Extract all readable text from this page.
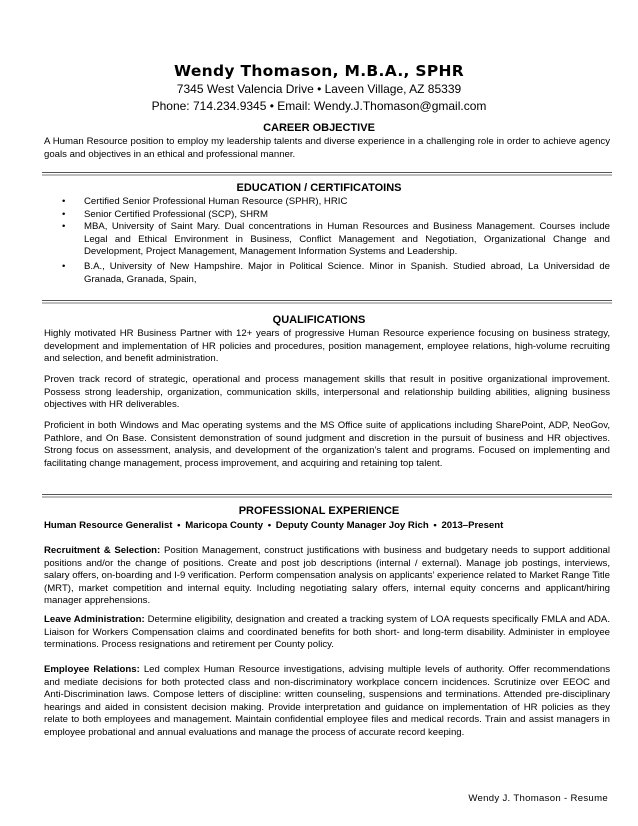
Wendy Thomason, M.B.A., SPHR
7345 West Valencia Drive • Laveen Village, AZ 85339
Phone: 714.234.9345 • Email: Wendy.J.Thomason@gmail.com
CAREER OBJECTIVE
A Human Resource position to employ my leadership talents and diverse experience in a challenging role in order to achieve agency goals and objectives in an ethical and professional manner.
EDUCATION / CERTIFICATOINS
• Certified Senior Professional Human Resource (SPHR), HRIC
• Senior Certified Professional (SCP), SHRM
• MBA, University of Saint Mary. Dual concentrations in Human Resources and Business Management. Courses include Legal and Ethical Environment in Business, Conflict Management and Negotiation, Organizational Change and Development, Project Management, Management Information Systems and Leadership.
• B.A., University of New Hampshire. Major in Political Science. Minor in Spanish. Studied abroad, La Universidad de Granada, Granada, Spain,
QUALIFICATIONS
Highly motivated HR Business Partner with 12+ years of progressive Human Resource experience focusing on business strategy, development and implementation of HR policies and procedures, position management, employee relations, high-volume recruiting and selection, and benefit administration.
Proven track record of strategic, operational and process management skills that result in positive organizational improvement. Possess strong leadership, organization, communication skills, interpersonal and relationship building abilities, aligning business objectives with HR deliverables.
Proficient in both Windows and Mac operating systems and the MS Office suite of applications including SharePoint, ADP, NeoGov, Pathlore, and On Base. Consistent demonstration of sound judgment and discretion in the pursuit of business and HR objectives. Strong focus on assessment, analysis, and development of the organization’s talent and programs. Focused on implementing and facilitating change management, process improvement, and acquiring and retaining top talent.
PROFESSIONAL EXPERIENCE
Human Resource Generalist • Maricopa County • Deputy County Manager Joy Rich • 2013–Present
Recruitment & Selection: Position Management, construct justifications with business and budgetary needs to support additional positions and/or the change of positions. Create and post job descriptions (internal / external). Manage job postings, interviews, salary offers, on-boarding and I-9 verification. Perform compensation analysis on applicants’ experience related to Market Range Title (MRT), market competition and internal equity. Including negotiating salary offers, internal equity concerns and applicant/hiring manager apprehensions.
Leave Administration: Determine eligibility, designation and created a tracking system of LOA requests specifically FMLA and ADA. Liaison for Workers Compensation claims and coordinated benefits for both short- and long-term disability. Administer in employee terminations. Process resignations and retirement per County policy.
Employee Relations: Led complex Human Resource investigations, advising multiple levels of authority. Offer recommendations and mediate decisions for both protected class and non-discriminatory workplace concern incidences. Scrutinize over EEOC and Anti-Discrimination laws. Compose letters of discipline: written counseling, suspensions and terminations. Attended pre-disciplinary hearings and aided in consistent decision making. Provide interpretation and guidance on implementation of HR policies as they relate to both employees and management. Maintain confidential employee files and medical records. Train and assist managers in employee probational and annual evaluations and manage the process of accurate record keeping.
Wendy J. Thomason - Resume
